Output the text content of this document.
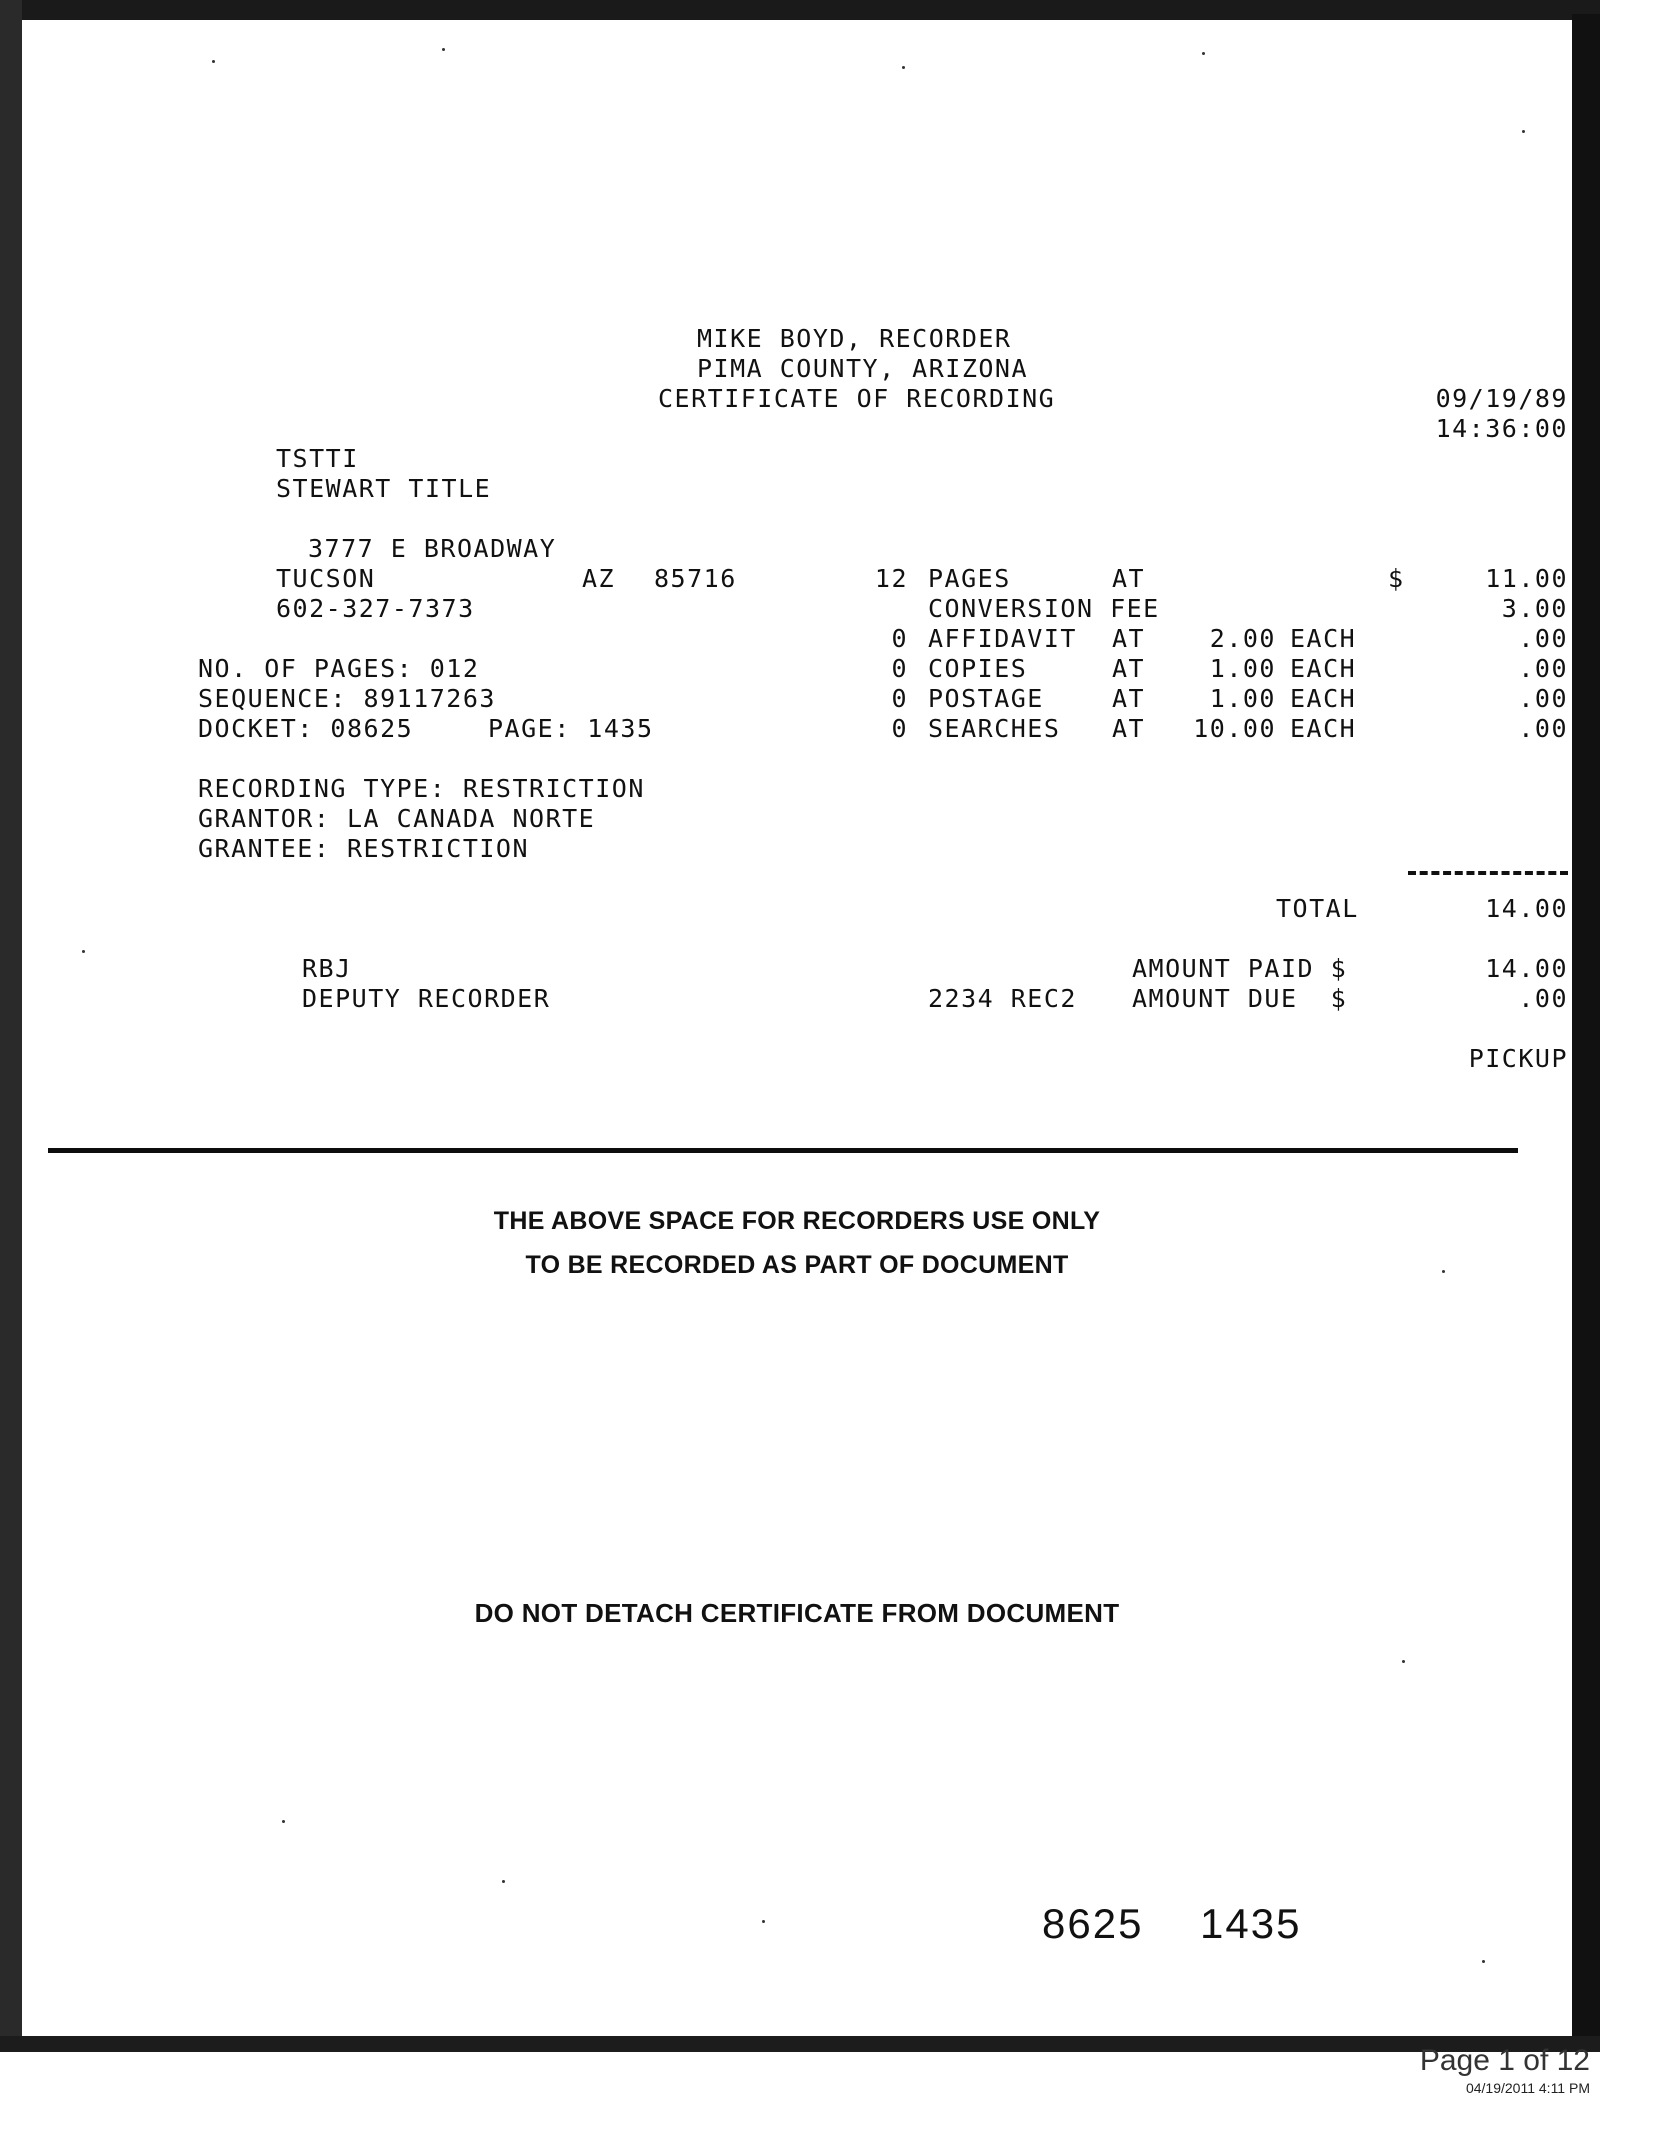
MIKE BOYD, RECORDER
PIMA COUNTY, ARIZONA
CERTIFICATE OF RECORDING	09/19/89
14:36:00
TSTTI
STEWART TITLE
3777 E BROADWAY
TUCSON	AZ 85716
602-327-7373
NO. OF PAGES: 012
SEQUENCE: 89117263
DOCKET: 08625	PAGE: 1435
RECORDING TYPE: RESTRICTION
GRANTOR: LA CANADA NORTE
GRANTEE: RESTRICTION
12 PAGES	AT	$	11.00
CONVERSION FEE	3.00
0 AFFIDAVIT AT	2.00 EACH	.00
0 COPIES	AT	1.00 EACH	.00
0 POSTAGE	AT	1.00 EACH	.00
0 SEARCHES AT	10.00 EACH	.00
TOTAL	14.00
RBJ
DEPUTY RECORDER	2234 REC2
AMOUNT PAID $	14.00
AMOUNT DUE  $	.00
PICKUP
THE ABOVE SPACE FOR RECORDERS USE ONLY
TO BE RECORDED AS PART OF DOCUMENT
DO NOT DETACH CERTIFICATE FROM DOCUMENT
8625 1435
Page 1 of 12
04/19/2011 4:11 PM
